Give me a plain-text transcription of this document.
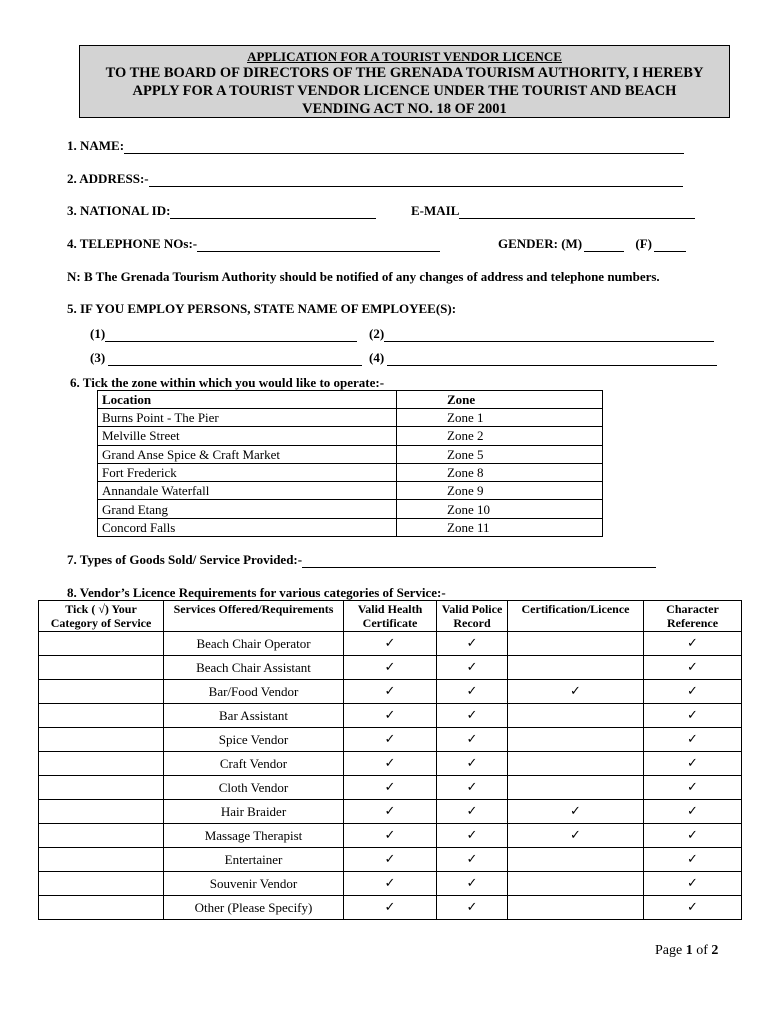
APPLICATION FOR A TOURIST VENDOR LICENCE
TO THE BOARD OF DIRECTORS OF THE GRENADA TOURISM AUTHORITY, I HEREBY
APPLY FOR A TOURIST VENDOR LICENCE UNDER THE TOURIST AND BEACH
VENDING ACT NO. 18 OF 2001
1. NAME:
2. ADDRESS:-
3. NATIONAL ID:	E-MAIL
4. TELEPHONE NOs:-	GENDER: (M)	(F)
N: B The Grenada Tourism Authority should be notified of any changes of address and telephone numbers.
5. IF YOU EMPLOY PERSONS, STATE NAME OF EMPLOYEE(S):
(1)	(2)
(3)	(4)
6. Tick the zone within which you would like to operate:-
Location	Zone
Burns Point - The Pier	Zone 1
Melville Street	Zone 2
Grand Anse Spice & Craft Market	Zone 5
Fort Frederick	Zone 8
Annandale Waterfall	Zone 9
Grand Etang	Zone 10
Concord Falls	Zone 11
7. Types of Goods Sold/ Service Provided:-
8. Vendor’s Licence Requirements for various categories of Service:-
Tick ( √) Your Category of Service	Services Offered/Requirements	Valid Health Certificate	Valid Police Record	Certification/Licence	Character Reference
	Beach Chair Operator	✓	✓		✓
	Beach Chair Assistant	✓	✓		✓
	Bar/Food Vendor	✓	✓	✓	✓
	Bar Assistant	✓	✓		✓
	Spice Vendor	✓	✓		✓
	Craft Vendor	✓	✓		✓
	Cloth Vendor	✓	✓		✓
	Hair Braider	✓	✓	✓	✓
	Massage Therapist	✓	✓	✓	✓
	Entertainer	✓	✓		✓
	Souvenir Vendor	✓	✓		✓
	Other (Please Specify)	✓	✓		✓
Page 1 of 2
